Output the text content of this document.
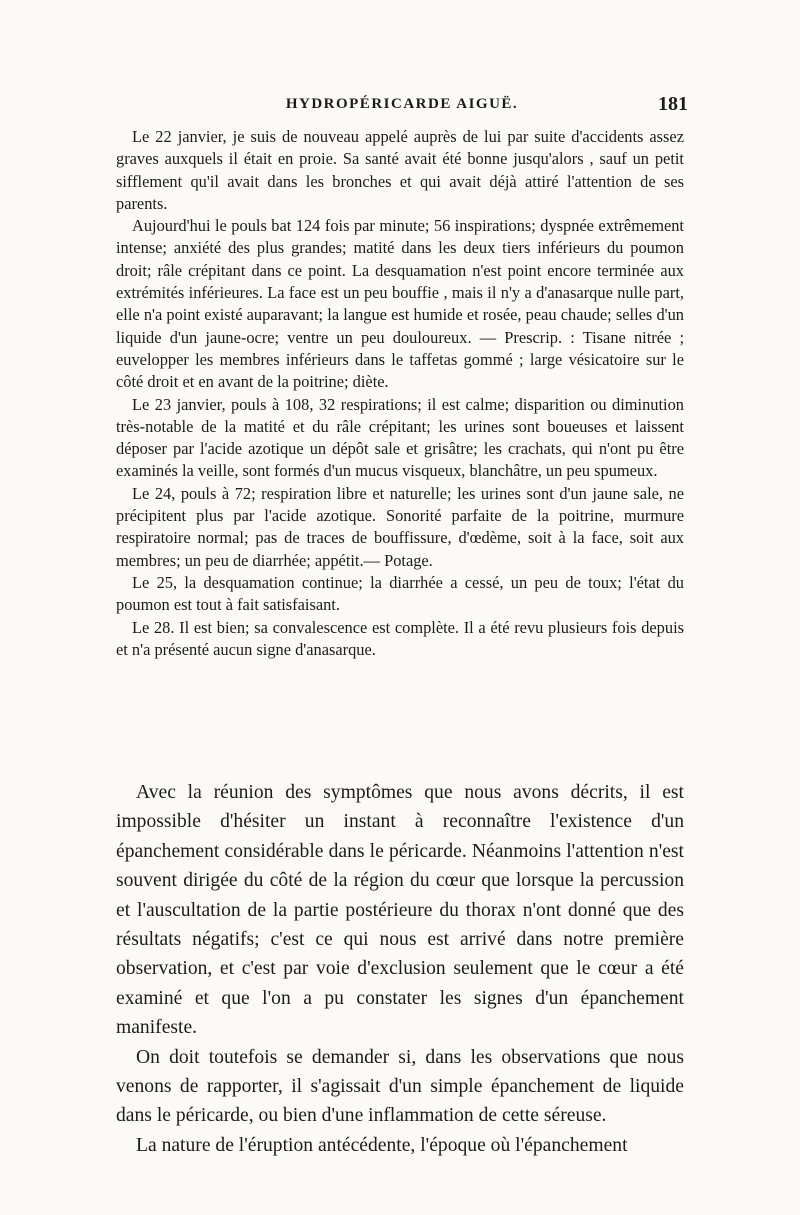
HYDROPÉRICARDE AIGUË.	181

Le 22 janvier, je suis de nouveau appelé auprès de lui par suite d'accidents assez graves auxquels il était en proie. Sa santé avait été bonne jusqu'alors , sauf un petit sifflement qu'il avait dans les bronches et qui avait déjà attiré l'attention de ses parents.

Aujourd'hui le pouls bat 124 fois par minute; 56 inspirations; dyspnée extrêmement intense; anxiété des plus grandes; matité dans les deux tiers inférieurs du poumon droit; râle crépitant dans ce point. La desquamation n'est point encore terminée aux extrémités inférieures. La face est un peu bouffie , mais il n'y a d'anasarque nulle part, elle n'a point existé auparavant; la langue est humide et rosée, peau chaude; selles d'un liquide d'un jaune-ocre; ventre un peu douloureux. — Prescrip. : Tisane nitrée ; euvelopper les membres inférieurs dans le taffetas gommé ; large vésicatoire sur le côté droit et en avant de la poitrine; diète.

Le 23 janvier, pouls à 108, 32 respirations; il est calme; disparition ou diminution très-notable de la matité et du râle crépitant; les urines sont boueuses et laissent déposer par l'acide azotique un dépôt sale et grisâtre; les crachats, qui n'ont pu être examinés la veille, sont formés d'un mucus visqueux, blanchâtre, un peu spumeux.

Le 24, pouls à 72; respiration libre et naturelle; les urines sont d'un jaune sale, ne précipitent plus par l'acide azotique. Sonorité parfaite de la poitrine, murmure respiratoire normal; pas de traces de bouffissure, d'œdème, soit à la face, soit aux membres; un peu de diarrhée; appétit.— Potage.

Le 25, la desquamation continue; la diarrhée a cessé, un peu de toux; l'état du poumon est tout à fait satisfaisant.

Le 28. Il est bien; sa convalescence est complète. Il a été revu plusieurs fois depuis et n'a présenté aucun signe d'anasarque.

Avec la réunion des symptômes que nous avons décrits, il est impossible d'hésiter un instant à reconnaître l'existence d'un épanchement considérable dans le péricarde. Néanmoins l'attention n'est souvent dirigée du côté de la région du cœur que lorsque la percussion et l'auscultation de la partie postérieure du thorax n'ont donné que des résultats négatifs; c'est ce qui nous est arrivé dans notre première observation, et c'est par voie d'exclusion seulement que le cœur a été examiné et que l'on a pu constater les signes d'un épanchement manifeste.

On doit toutefois se demander si, dans les observations que nous venons de rapporter, il s'agissait d'un simple épanchement de liquide dans le péricarde, ou bien d'une inflammation de cette séreuse.

La nature de l'éruption antécédente, l'époque où l'épanchement
